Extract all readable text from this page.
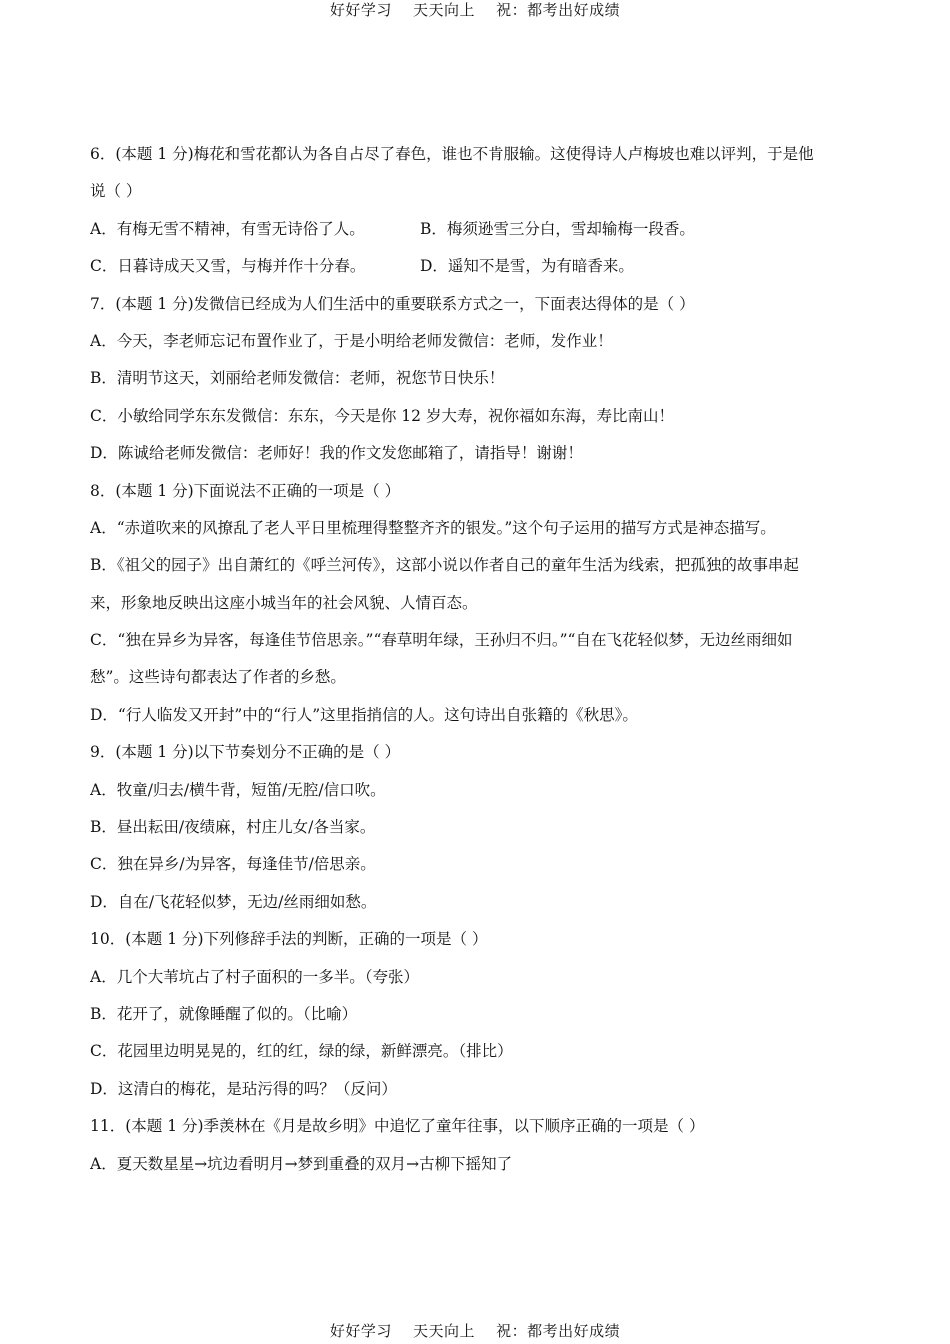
好好学习    天天向上    祝：都考出好成绩
6．(本题 1 分)梅花和雪花都认为各自占尽了春色，谁也不肯服输。这使得诗人卢梅坡也难以评判，于是他
说（ ）
A．有梅无雪不精神，有雪无诗俗了人。	B．梅须逊雪三分白，雪却输梅一段香。
C．日暮诗成天又雪，与梅并作十分春。	D．遥知不是雪，为有暗香来。
7．(本题 1 分)发微信已经成为人们生活中的重要联系方式之一，下面表达得体的是（ ）
A．今天，李老师忘记布置作业了，于是小明给老师发微信：老师，发作业！
B．清明节这天，刘丽给老师发微信：老师，祝您节日快乐！
C．小敏给同学东东发微信：东东，今天是你 12 岁大寿，祝你福如东海，寿比南山！
D．陈诚给老师发微信：老师好！我的作文发您邮箱了，请指导！谢谢！
8．(本题 1 分)下面说法不正确的一项是（ ）
A．“赤道吹来的风撩乱了老人平日里梳理得整整齐齐的银发。”这个句子运用的描写方式是神态描写。
B．《祖父的园子》出自萧红的《呼兰河传》，这部小说以作者自己的童年生活为线索，把孤独的故事串起
来，形象地反映出这座小城当年的社会风貌、人情百态。
C．“独在异乡为异客，每逢佳节倍思亲。”“春草明年绿，王孙归不归。”“自在飞花轻似梦，无边丝雨细如
愁”。这些诗句都表达了作者的乡愁。
D．“行人临发又开封”中的“行人”这里指捎信的人。这句诗出自张籍的《秋思》。
9．(本题 1 分)以下节奏划分不正确的是（ ）
A．牧童/归去/横牛背，短笛/无腔/信口吹。
B．昼出耘田/夜绩麻，村庄儿女/各当家。
C．独在异乡/为异客，每逢佳节/倍思亲。
D．自在/飞花轻似梦，无边/丝雨细如愁。
10．(本题 1 分)下列修辞手法的判断，正确的一项是（ ）
A．几个大苇坑占了村子面积的一多半。（夸张）
B．花开了，就像睡醒了似的。（比喻）
C．花园里边明晃晃的，红的红，绿的绿，新鲜漂亮。（排比）
D．这清白的梅花，是玷污得的吗？（反问）
11．(本题 1 分)季羡林在《月是故乡明》中追忆了童年往事，以下顺序正确的一项是（ ）
A．夏天数星星→坑边看明月→梦到重叠的双月→古柳下摇知了
好好学习    天天向上    祝：都考出好成绩
